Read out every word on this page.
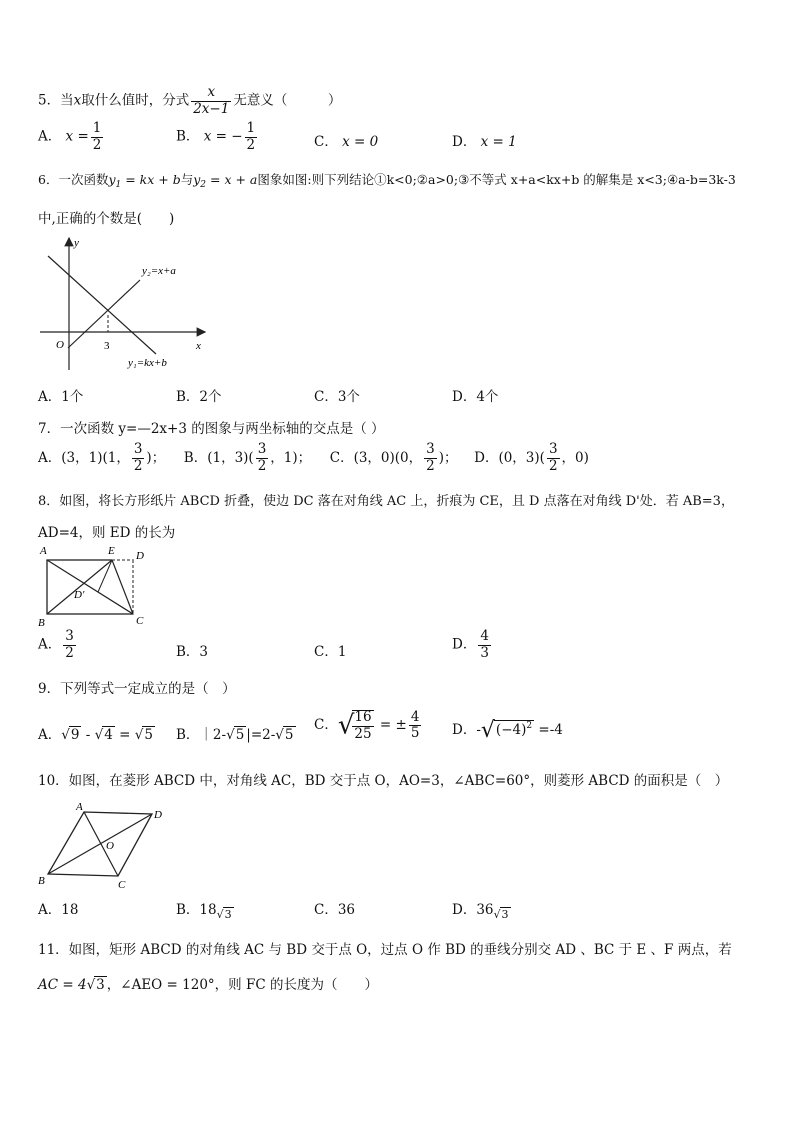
5．当x取什么值时，分式 $\frac{x}{2x-1}$ 无意义（　　　）
A． $x = \frac{1}{2}$	B． x = − $\frac{1}{2}$	C． x = 0	D． x = 1
6．一次函数$y_1$ = kx + b与$y_2 = x + a$图象如图:则下列结论①k<0;②a>0;③不等式 x+a<kx+b 的解集是 x<3;④a-b=3k-3
中,正确的个数是(　　)
y
x
O	3
y₂=x+a
y₁=kx+b
A．1个	B．2个	C．3个	D．4个
7．一次函数 y=—2x+3 的图象与两坐标轴的交点是（ ）
A．(3，1)(1， $\frac{3}{2}$ )； B．(1，$3)( \frac{3}{2}$ ，1)； C．(3，0)(0， $\frac{3}{2}$ )； D．(0，$3)( \frac{3}{2}$ ，0)
8．如图，将长方形纸片 ABCD 折叠，使边 DC 落在对角线 AC 上，折痕为 CE，且 D 点落在对角线 D'处．若 AB=3，
AD=4，则 ED 的长为
A	E D
D'
B	C
A． $\frac{3}{2}$	B．3	C．1	D． $\frac{4}{3}$
9．下列等式一定成立的是（　）
A．√9 - √4 = √5 B．｜2-√5 |=2-√5
C．√
$\frac{16}{25}$ = ± $\frac{4}{5}$ D．$-√(-4)^2 =-4$
10．如图，在菱形 ABCD 中，对角线 AC，BD 交于点 O，AO=3，∠ABC=60°，则菱形 ABCD 的面积是（　）
A
D
O
B	C
A．18	B．18√3	C．36	D．36√3
11．如图，矩形 ABCD 的对角线 AC 与 BD 交于点 O，过点 O 作 BD 的垂线分别交 AD 、BC 于 E 、F 两点，若
AC = 4√3 ，∠AEO = 120°，则 FC 的长度为（　　）
